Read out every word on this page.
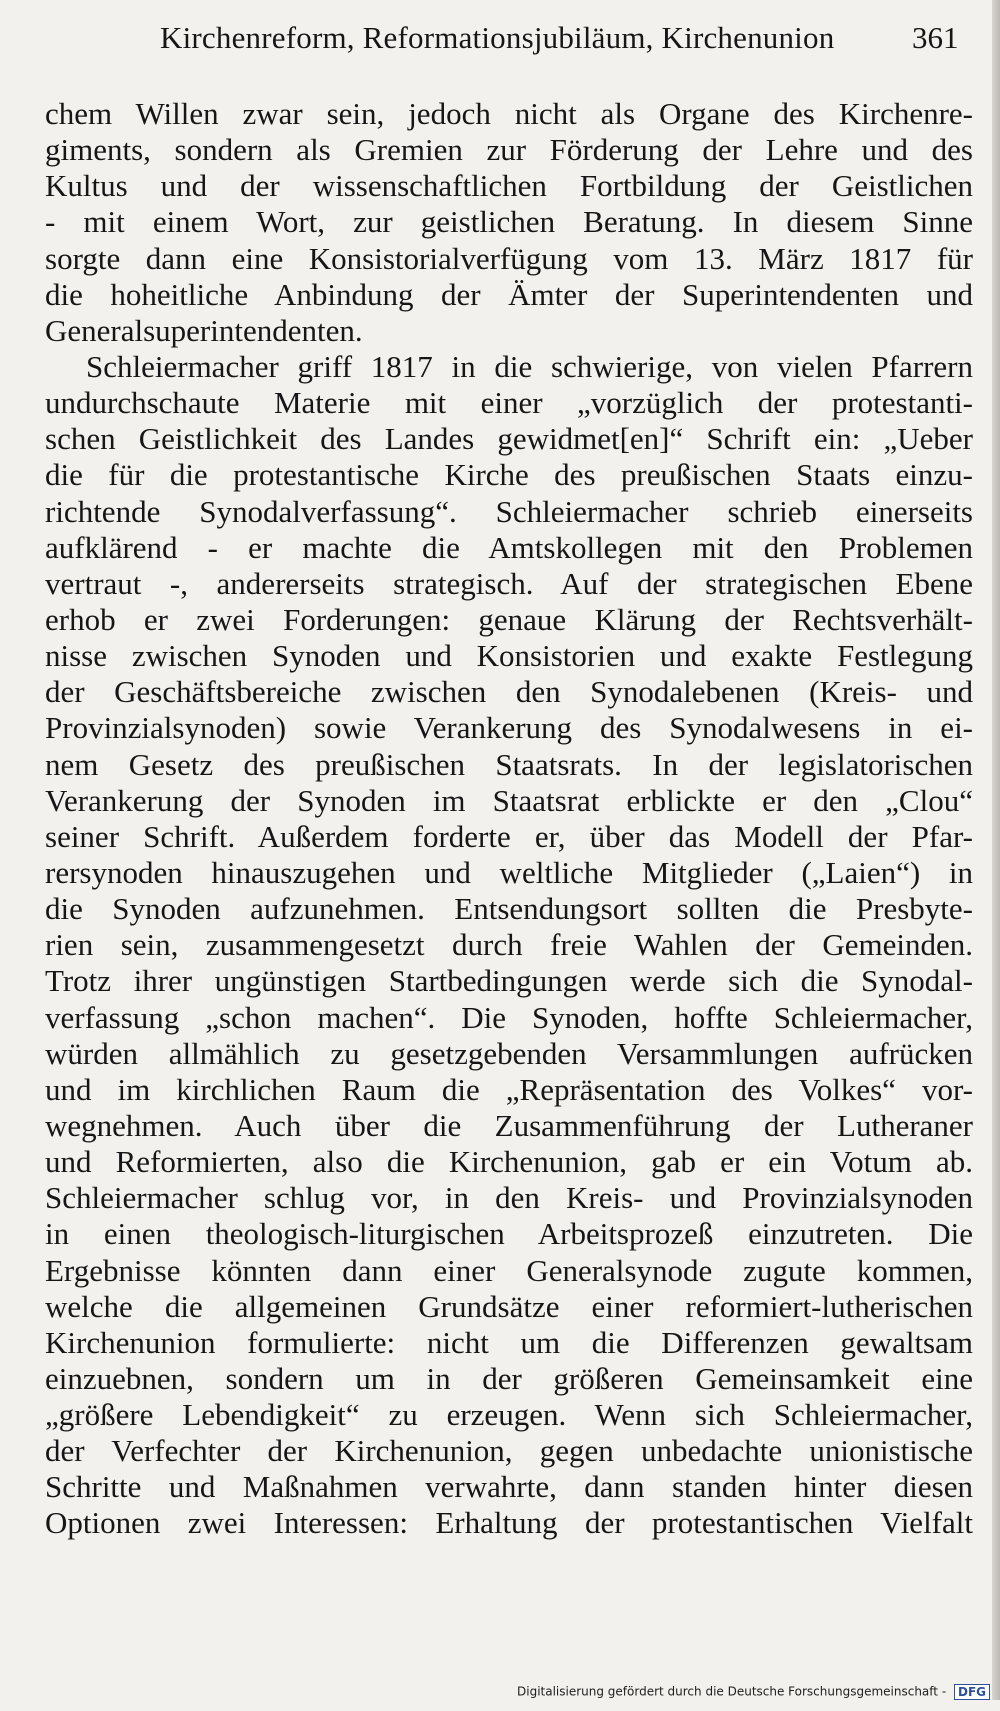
Kirchenreform, Reformationsjubiläum, Kirchenunion	361
chem Willen zwar sein, jedoch nicht als Organe des Kirchenre-
giments, sondern als Gremien zur Förderung der Lehre und des
Kultus und der wissenschaftlichen Fortbildung der Geistlichen
- mit einem Wort, zur geistlichen Beratung. In diesem Sinne
sorgte dann eine Konsistorialverfügung vom 13. März 1817 für
die hoheitliche Anbindung der Ämter der Superintendenten und
Generalsuperintendenten.
Schleiermacher griff 1817 in die schwierige, von vielen Pfarrern
undurchschaute Materie mit einer „vorzüglich der protestanti-
schen Geistlichkeit des Landes gewidmet[en]“ Schrift ein: „Ueber
die für die protestantische Kirche des preußischen Staats einzu-
richtende Synodalverfassung“. Schleiermacher schrieb einerseits
aufklärend - er machte die Amtskollegen mit den Problemen
vertraut -, andererseits strategisch. Auf der strategischen Ebene
erhob er zwei Forderungen: genaue Klärung der Rechtsverhält-
nisse zwischen Synoden und Konsistorien und exakte Festlegung
der Geschäftsbereiche zwischen den Synodalebenen (Kreis- und
Provinzialsynoden) sowie Verankerung des Synodalwesens in ei-
nem Gesetz des preußischen Staatsrats. In der legislatorischen
Verankerung der Synoden im Staatsrat erblickte er den „Clou“
seiner Schrift. Außerdem forderte er, über das Modell der Pfar-
rersynoden hinauszugehen und weltliche Mitglieder („Laien“) in
die Synoden aufzunehmen. Entsendungsort sollten die Presbyte-
rien sein, zusammengesetzt durch freie Wahlen der Gemeinden.
Trotz ihrer ungünstigen Startbedingungen werde sich die Synodal-
verfassung „schon machen“. Die Synoden, hoffte Schleiermacher,
würden allmählich zu gesetzgebenden Versammlungen aufrücken
und im kirchlichen Raum die „Repräsentation des Volkes“ vor-
wegnehmen. Auch über die Zusammenführung der Lutheraner
und Reformierten, also die Kirchenunion, gab er ein Votum ab.
Schleiermacher schlug vor, in den Kreis- und Provinzialsynoden
in einen theologisch-liturgischen Arbeitsprozeß einzutreten. Die
Ergebnisse könnten dann einer Generalsynode zugute kommen,
welche die allgemeinen Grundsätze einer reformiert-lutherischen
Kirchenunion formulierte: nicht um die Differenzen gewaltsam
einzuebnen, sondern um in der größeren Gemeinsamkeit eine
„größere Lebendigkeit“ zu erzeugen. Wenn sich Schleiermacher,
der Verfechter der Kirchenunion, gegen unbedachte unionistische
Schritte und Maßnahmen verwahrte, dann standen hinter diesen
Optionen zwei Interessen: Erhaltung der protestantischen Vielfalt
Digitalisierung gefördert durch die Deutsche Forschungsgemeinschaft - DFG
